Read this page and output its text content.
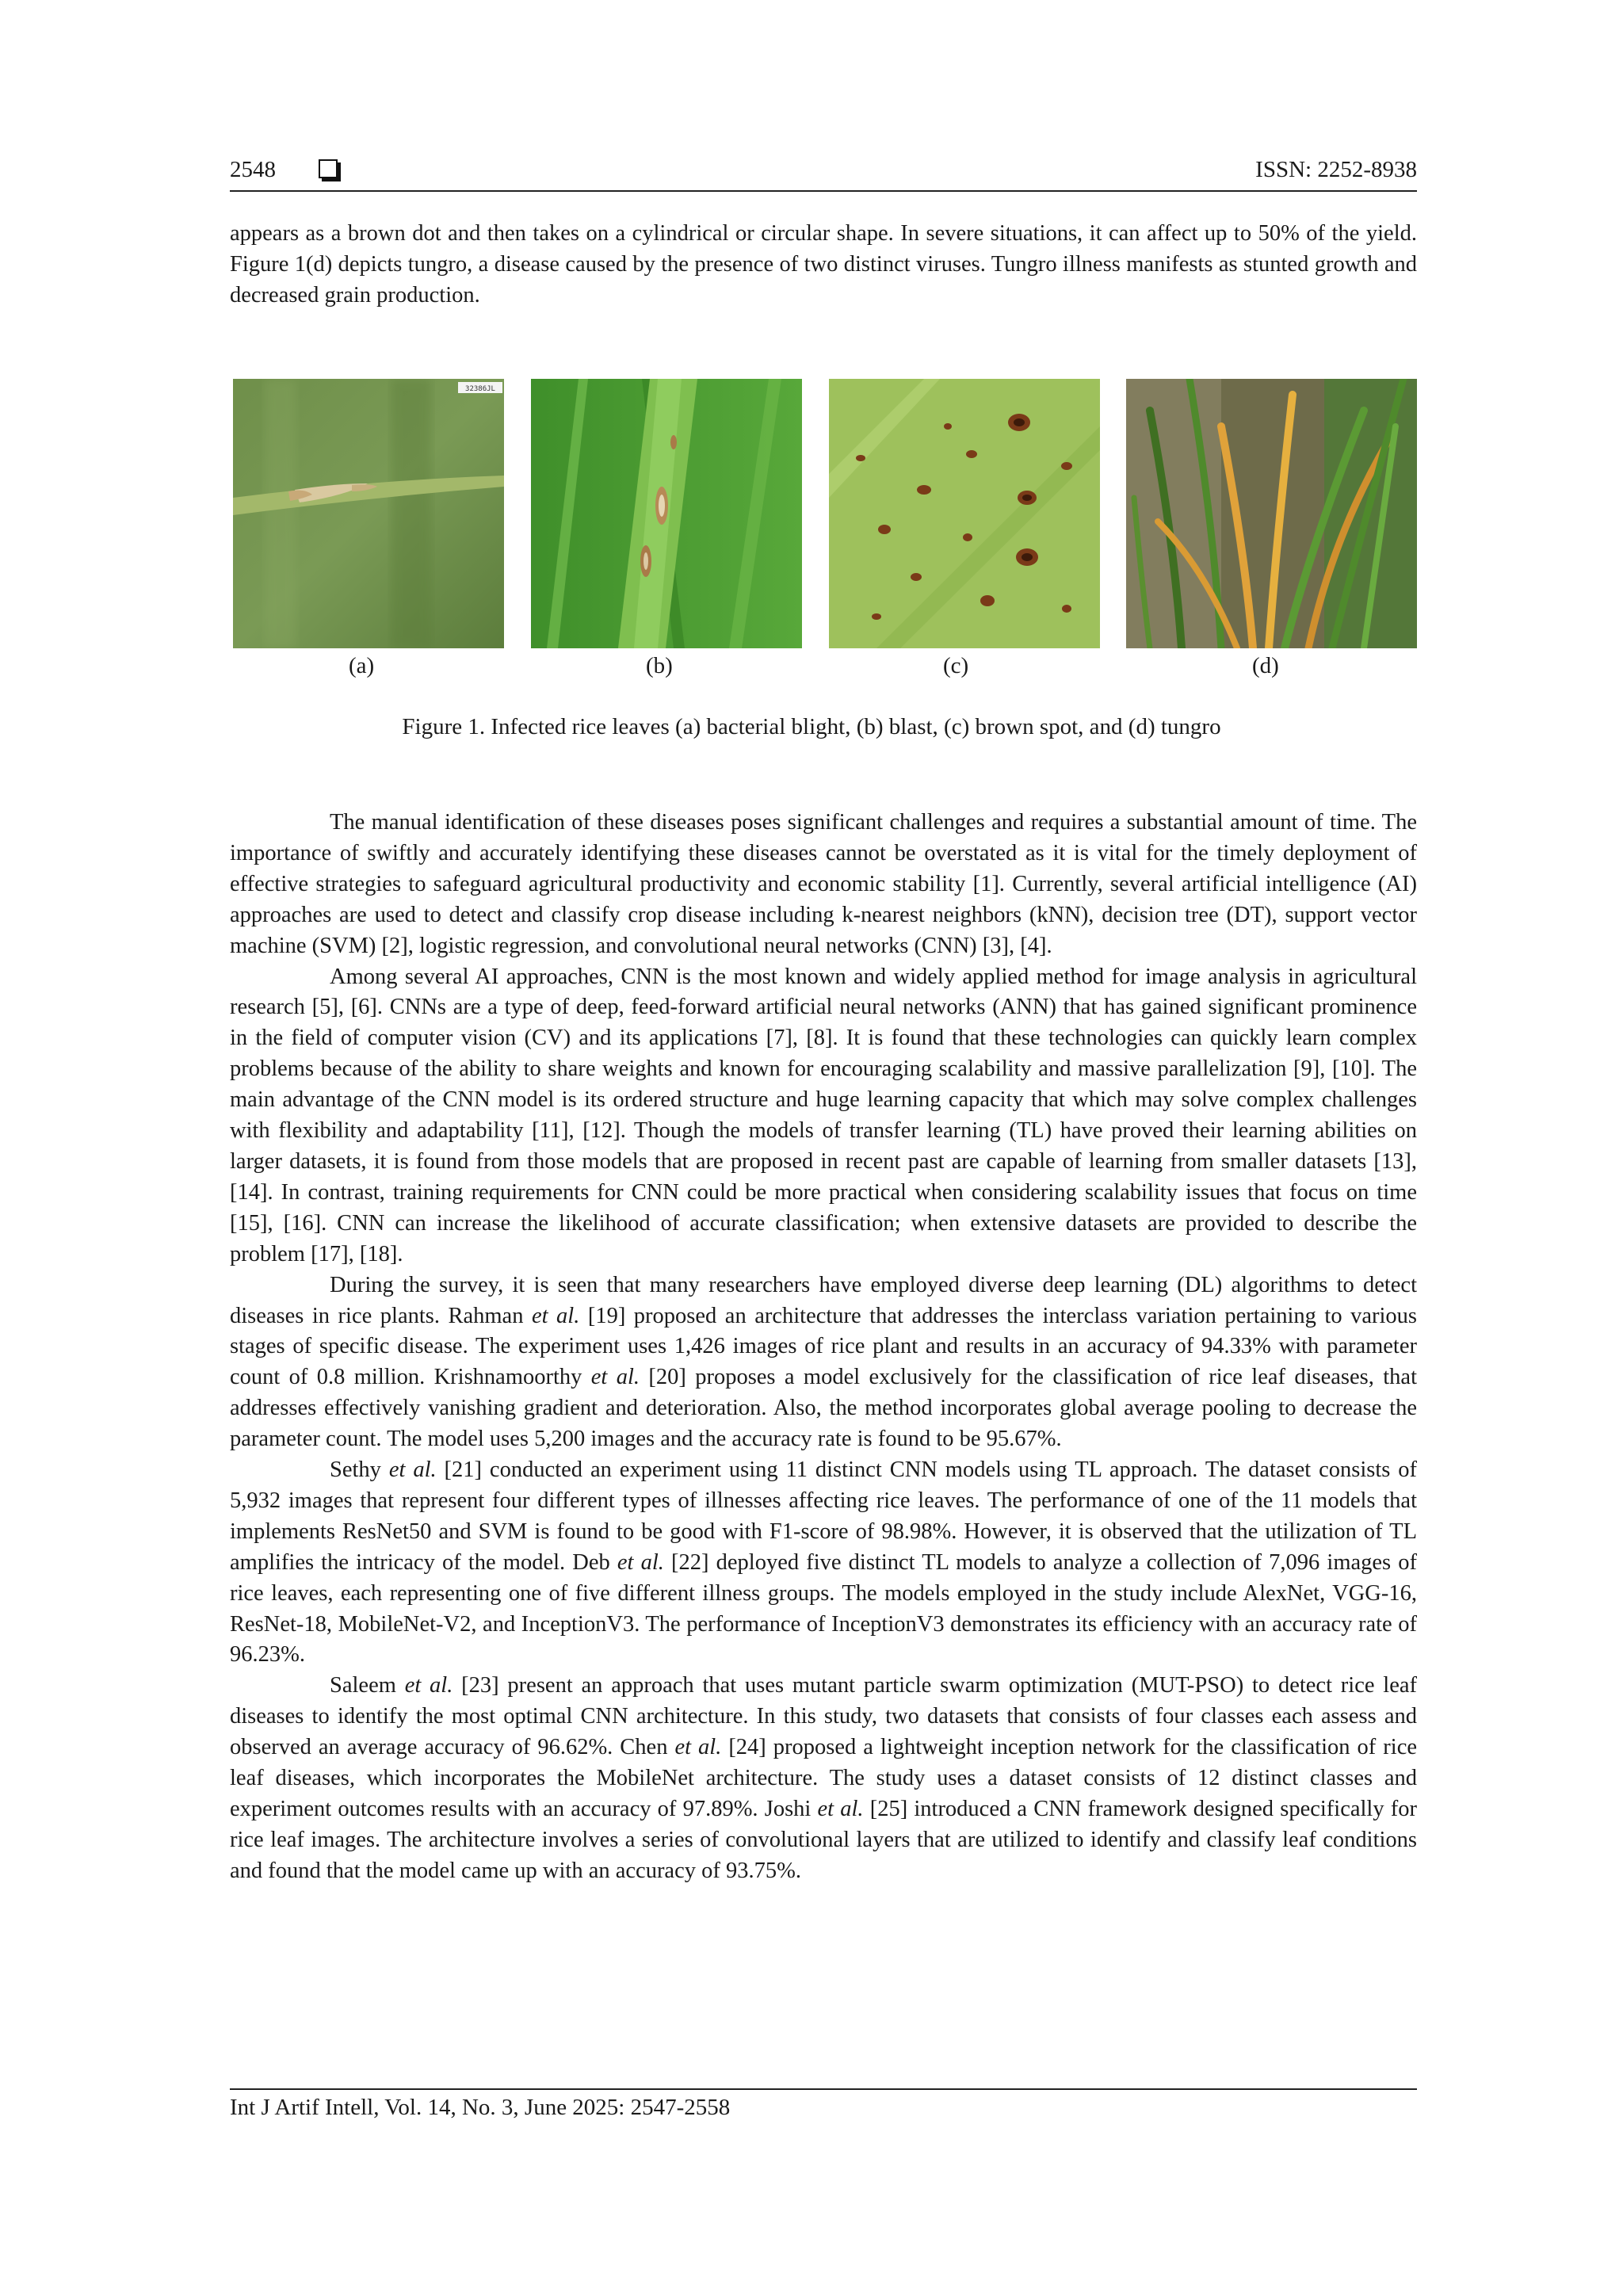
2548	ISSN: 2252-8938

appears as a brown dot and then takes on a cylindrical or circular shape. In severe situations, it can affect up to 50% of the yield. Figure 1(d) depicts tungro, a disease caused by the presence of two distinct viruses. Tungro illness manifests as stunted growth and decreased grain production.

32386JL
(a)	(b)	(c)	(d)
Figure 1. Infected rice leaves (a) bacterial blight, (b) blast, (c) brown spot, and (d) tungro

The manual identification of these diseases poses significant challenges and requires a substantial amount of time. The importance of swiftly and accurately identifying these diseases cannot be overstated as it is vital for the timely deployment of effective strategies to safeguard agricultural productivity and economic stability [1]. Currently, several artificial intelligence (AI) approaches are used to detect and classify crop disease including k-nearest neighbors (kNN), decision tree (DT), support vector machine (SVM) [2], logistic regression, and convolutional neural networks (CNN) [3], [4].

Among several AI approaches, CNN is the most known and widely applied method for image analysis in agricultural research [5], [6]. CNNs are a type of deep, feed-forward artificial neural networks (ANN) that has gained significant prominence in the field of computer vision (CV) and its applications [7], [8]. It is found that these technologies can quickly learn complex problems because of the ability to share weights and known for encouraging scalability and massive parallelization [9], [10]. The main advantage of the CNN model is its ordered structure and huge learning capacity that which may solve complex challenges with flexibility and adaptability [11], [12]. Though the models of transfer learning (TL) have proved their learning abilities on larger datasets, it is found from those models that are proposed in recent past are capable of learning from smaller datasets [13], [14]. In contrast, training requirements for CNN could be more practical when considering scalability issues that focus on time [15], [16]. CNN can increase the likelihood of accurate classification; when extensive datasets are provided to describe the problem [17], [18].

During the survey, it is seen that many researchers have employed diverse deep learning (DL) algorithms to detect diseases in rice plants. Rahman et al. [19] proposed an architecture that addresses the interclass variation pertaining to various stages of specific disease. The experiment uses 1,426 images of rice plant and results in an accuracy of 94.33% with parameter count of 0.8 million. Krishnamoorthy et al. [20] proposes a model exclusively for the classification of rice leaf diseases, that addresses effectively vanishing gradient and deterioration. Also, the method incorporates global average pooling to decrease the parameter count. The model uses 5,200 images and the accuracy rate is found to be 95.67%.

Sethy et al. [21] conducted an experiment using 11 distinct CNN models using TL approach. The dataset consists of 5,932 images that represent four different types of illnesses affecting rice leaves. The performance of one of the 11 models that implements ResNet50 and SVM is found to be good with F1-score of 98.98%. However, it is observed that the utilization of TL amplifies the intricacy of the model. Deb et al. [22] deployed five distinct TL models to analyze a collection of 7,096 images of rice leaves, each representing one of five different illness groups. The models employed in the study include AlexNet, VGG-16, ResNet-18, MobileNet-V2, and InceptionV3. The performance of InceptionV3 demonstrates its efficiency with an accuracy rate of 96.23%.

Saleem et al. [23] present an approach that uses mutant particle swarm optimization (MUT-PSO) to detect rice leaf diseases to identify the most optimal CNN architecture. In this study, two datasets that consists of four classes each assess and observed an average accuracy of 96.62%. Chen et al. [24] proposed a lightweight inception network for the classification of rice leaf diseases, which incorporates the MobileNet architecture. The study uses a dataset consists of 12 distinct classes and experiment outcomes results with an accuracy of 97.89%. Joshi et al. [25] introduced a CNN framework designed specifically for rice leaf images. The architecture involves a series of convolutional layers that are utilized to identify and classify leaf conditions and found that the model came up with an accuracy of 93.75%.

Int J Artif Intell, Vol. 14, No. 3, June 2025: 2547-2558
